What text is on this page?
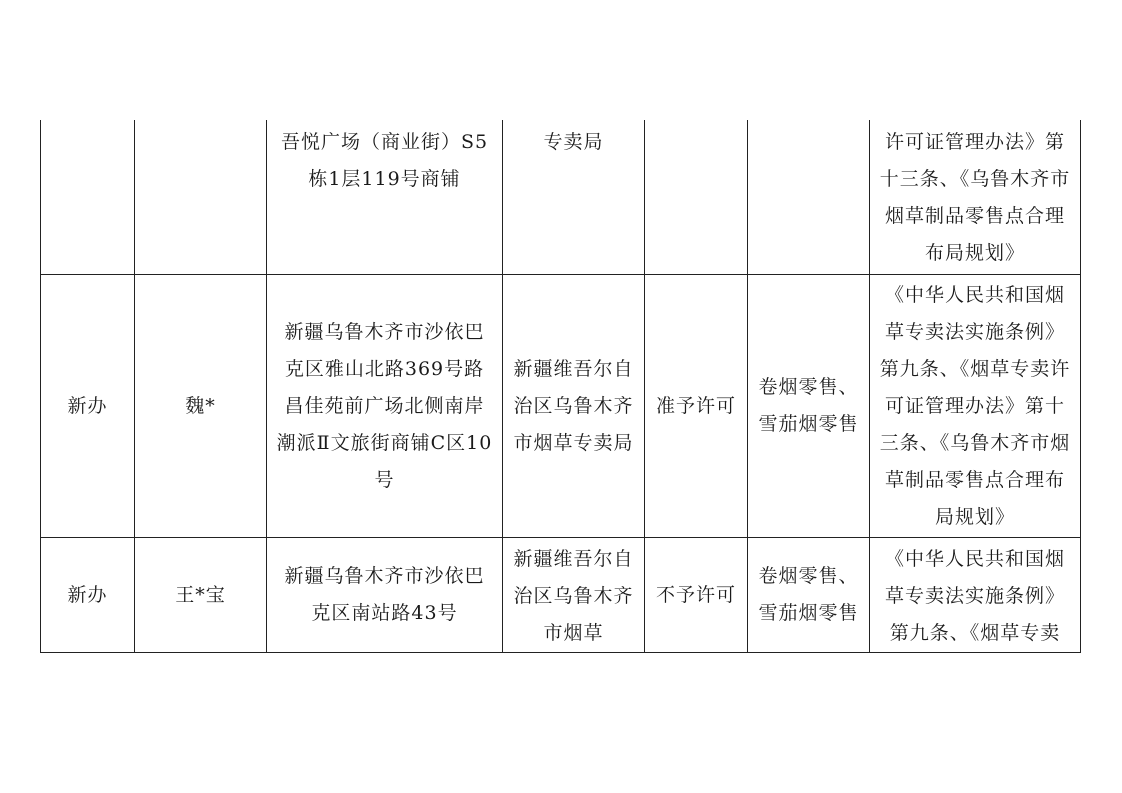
		吾悦广场（商业街）S5栋1层119号商铺	专卖局			许可证管理办法》第十三条、《乌鲁木齐市烟草制品零售点合理布局规划》
新办	魏*	新疆乌鲁木齐市沙依巴克区雅山北路369号路昌佳苑前广场北侧南岸潮派Ⅱ文旅街商铺C区10号	新疆维吾尔自治区乌鲁木齐市烟草专卖局	准予许可	卷烟零售、雪茄烟零售	《中华人民共和国烟草专卖法实施条例》第九条、《烟草专卖许可证管理办法》第十三条、《乌鲁木齐市烟草制品零售点合理布局规划》
新办	王*宝	新疆乌鲁木齐市沙依巴克区南站路43号	新疆维吾尔自治区乌鲁木齐市烟草	不予许可	卷烟零售、雪茄烟零售	《中华人民共和国烟草专卖法实施条例》第九条、《烟草专卖
